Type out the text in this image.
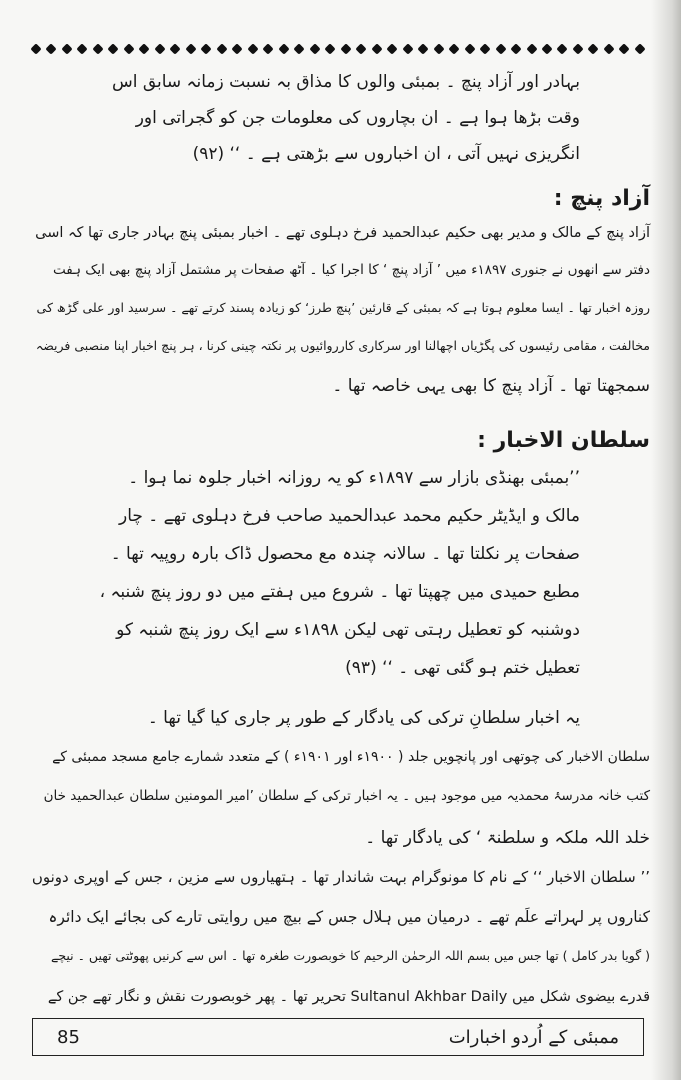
بہادر اور آزاد پنچ ۔ بمبئی والوں کا مذاق بہ نسبت زمانہ سابق اس
وقت بڑھا ہوا ہے ۔ ان بچاروں کی معلومات جن کو گجراتی اور
انگریزی نہیں آتی ، ان اخباروں سے بڑھتی ہے ۔ ‘‘ (۹۲)
آزاد پنچ :
آزاد پنچ کے مالک و مدیر بھی حکیم عبدالحمید فرخ دہلوی تھے ۔ اخبار بمبئی پنچ بہادر جاری تھا کہ اسی
دفتر سے انھوں نے جنوری ۱۸۹۷ء میں ’ آزاد پنچ ‘ کا اجرا کیا ۔ آٹھ صفحات پر مشتمل آزاد پنچ بھی ایک ہفت
روزہ اخبار تھا ۔ ایسا معلوم ہوتا ہے کہ بمبئی کے قارئین ’پنچ طرز‘ کو زیادہ پسند کرتے تھے ۔ سرسید اور علی گڑھ کی
مخالفت ، مقامی رئیسوں کی پگڑیاں اچھالنا اور سرکاری کارروائیوں پر نکتہ چینی کرنا ، ہر پنچ اخبار اپنا منصبی فریضہ
سمجھتا تھا ۔ آزاد پنچ کا بھی یہی خاصہ تھا ۔
سلطان الاخبار :
’’بمبئی بھنڈی بازار سے ۱۸۹۷ء کو یہ روزانہ اخبار جلوہ نما ہوا ۔
مالک و ایڈیٹر حکیم محمد عبدالحمید صاحب فرخ دہلوی تھے ۔ چار
صفحات پر نکلتا تھا ۔ سالانہ چندہ مع محصول ڈاک بارہ روپیہ تھا ۔
مطبع حمیدی میں چھپتا تھا ۔ شروع میں ہفتے میں دو روز پنچ شنبہ ،
دوشنبہ کو تعطیل رہتی تھی لیکن ۱۸۹۸ء سے ایک روز پنچ شنبہ کو
تعطیل ختم ہو گئی تھی ۔ ‘‘ (۹۳)
یہ اخبار سلطانِ ترکی کی یادگار کے طور پر جاری کیا گیا تھا ۔
سلطان الاخبار کی چوتھی اور پانچویں جلد ( ۱۹۰۰ء اور ۱۹۰۱ء ) کے متعدد شمارے جامع مسجد ممبئی کے
کتب خانہ مدرسۂ محمدیہ میں موجود ہیں ۔ یہ اخبار ترکی کے سلطان ’امیر المومنین سلطان عبدالحمید خان
خلد اللہ ملکہ و سلطنۃ ‘ کی یادگار تھا ۔
’’ سلطان الاخبار ‘‘ کے نام کا مونوگرام بہت شاندار تھا ۔ ہتھیاروں سے مزین ، جس کے اوپری دونوں
کناروں پر لہراتے علَم تھے ۔ درمیان میں ہلال جس کے بیچ میں روایتی تارے کی بجائے ایک دائرہ
( گویا بدر کامل ) تھا جس میں بسم اللہ الرحمٰن الرحیم کا خوبصورت طغرہ تھا ۔ اس سے کرنیں پھوٹتی تھیں ۔ نیچے
قدرے بیضوی شکل میں Sultanul Akhbar Daily تحریر تھا ۔ پھر خوبصورت نقش و نگار تھے جن کے
85	ممبئی کے اُردو اخبارات
